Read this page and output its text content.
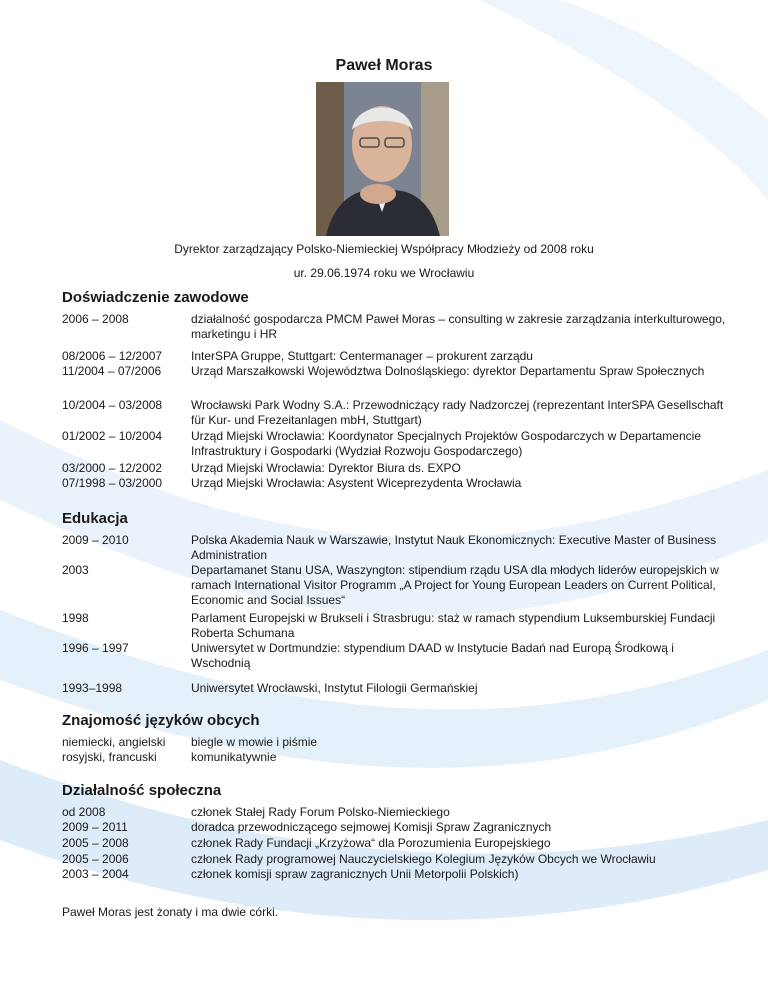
Paweł Moras
Dyrektor zarządzający Polsko-Niemieckiej Współpracy Młodzieży od 2008 roku
ur. 29.06.1974 roku we Wrocławiu
Doświadczenie zawodowe
2006 – 2008	działalność gospodarcza PMCM Paweł Moras – consulting w zakresie zarządzania interkulturowego, marketingu i HR
08/2006 – 12/2007	InterSPA Gruppe, Stuttgart: Centermanager – prokurent zarządu
11/2004 – 07/2006	Urząd Marszałkowski Województwa Dolnośląskiego: dyrektor Departamentu Spraw Społecznych
10/2004 – 03/2008	Wrocławski Park Wodny S.A.: Przewodniczący rady Nadzorczej (reprezentant InterSPA Gesellschaft für Kur- und Frezeitanlagen mbH, Stuttgart)
01/2002 – 10/2004	Urząd Miejski Wrocławia: Koordynator Specjalnych Projektów Gospodarczych w Departamencie Infrastruktury i Gospodarki (Wydział Rozwoju Gospodarczego)
03/2000 – 12/2002	Urząd Miejski Wrocławia: Dyrektor Biura ds. EXPO
07/1998 – 03/2000	Urząd Miejski Wrocławia: Asystent Wiceprezydenta Wrocławia
Edukacja
2009 – 2010	Polska Akademia Nauk w Warszawie, Instytut Nauk Ekonomicznych: Executive Master of Business Administration
2003	Departamanet Stanu USA, Waszyngton: stipendium rządu USA dla młodych liderów europejskich w ramach International Visitor Programm „A Project for Young European Leaders on Current Political, Economic and Social Issues“
1998	Parlament Europejski w Brukseli i Strasbrugu: staż w ramach stypendium Luksemburskiej Fundacji Roberta Schumana
1996 – 1997	Uniwersytet w Dortmundzie: stypendium DAAD w Instytucie Badań nad Europą Środkową i Wschodnią
1993–1998	Uniwersytet Wrocławski, Instytut Filologii Germańskiej
Znajomość języków obcych
niemiecki, angielski	biegle w mowie i piśmie
rosyjski, francuski	komunikatywnie
Działalność społeczna
od 2008	członek Stałej Rady Forum Polsko-Niemieckiego
2009 – 2011	doradca przewodniczącego sejmowej Komisji Spraw Zagranicznych
2005 – 2008	członek Rady Fundacji „Krzyżowa“ dla Porozumienia Europejskiego
2005 – 2006	członek Rady programowej Nauczycielskiego Kolegium Języków Obcych we Wrocławiu
2003 – 2004	członek komisji spraw zagranicznych Unii Metorpolii Polskich)
Paweł Moras jest żonaty i ma dwie córki.
